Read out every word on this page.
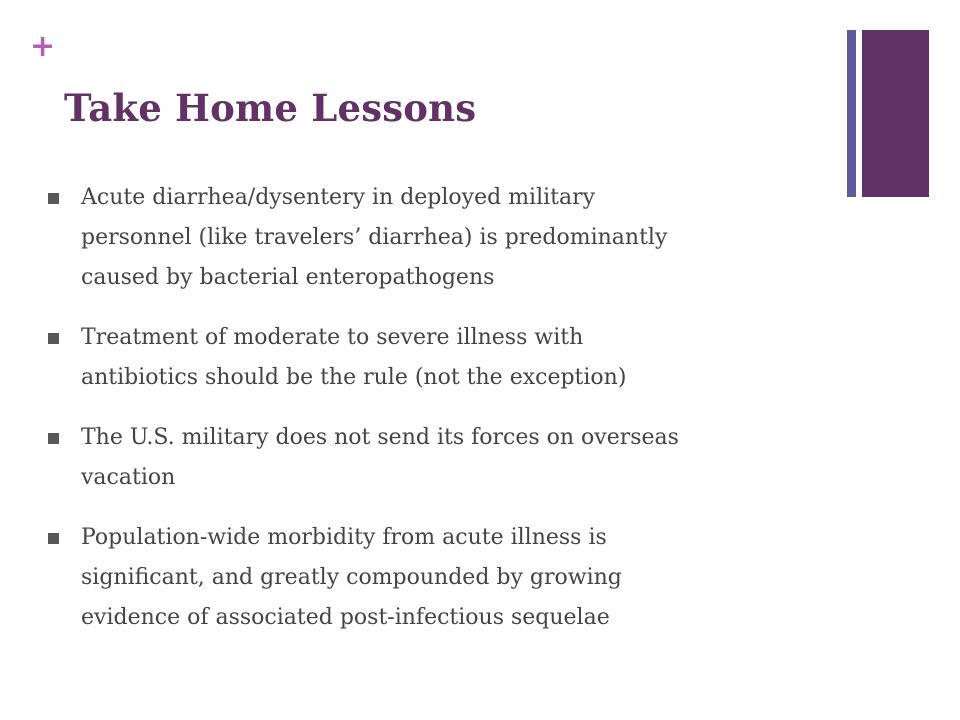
+
Take Home Lessons
Acute diarrhea/dysentery in deployed military
personnel (like travelers’ diarrhea) is predominantly
caused by bacterial enteropathogens
Treatment of moderate to severe illness with
antibiotics should be the rule (not the exception)
The U.S. military does not send its forces on overseas
vacation
Population-wide morbidity from acute illness is
significant, and greatly compounded by growing
evidence of associated post-infectious sequelae
